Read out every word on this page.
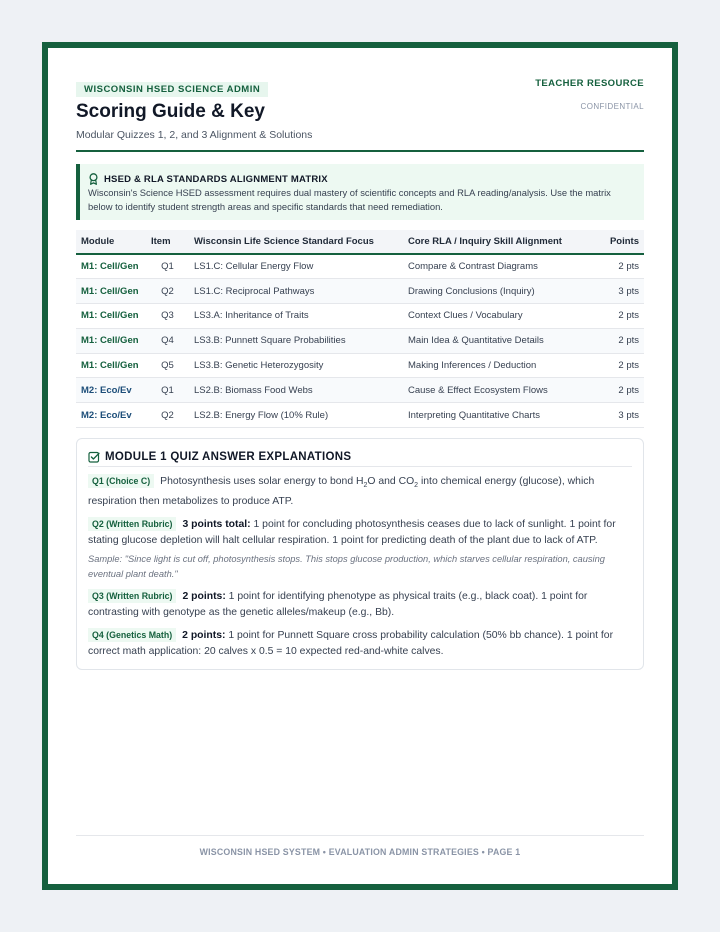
WISCONSIN HSED SCIENCE ADMIN
Scoring Guide & Key
Modular Quizzes 1, 2, and 3 Alignment & Solutions
TEACHER RESOURCE
CONFIDENTIAL
HSED & RLA STANDARDS ALIGNMENT MATRIX
Wisconsin's Science HSED assessment requires dual mastery of scientific concepts and RLA reading/analysis. Use the matrix below to identify student strength areas and specific standards that need remediation.
Module	Item	Wisconsin Life Science Standard Focus	Core RLA / Inquiry Skill Alignment	Points
M1: Cell/Gen	Q1	LS1.C: Cellular Energy Flow	Compare & Contrast Diagrams	2 pts
M1: Cell/Gen	Q2	LS1.C: Reciprocal Pathways	Drawing Conclusions (Inquiry)	3 pts
M1: Cell/Gen	Q3	LS3.A: Inheritance of Traits	Context Clues / Vocabulary	2 pts
M1: Cell/Gen	Q4	LS3.B: Punnett Square Probabilities	Main Idea & Quantitative Details	2 pts
M1: Cell/Gen	Q5	LS3.B: Genetic Heterozygosity	Making Inferences / Deduction	2 pts
M2: Eco/Ev	Q1	LS2.B: Biomass Food Webs	Cause & Effect Ecosystem Flows	2 pts
M2: Eco/Ev	Q2	LS2.B: Energy Flow (10% Rule)	Interpreting Quantitative Charts	3 pts
MODULE 1 QUIZ ANSWER EXPLANATIONS
Q1 (Choice C) Photosynthesis uses solar energy to bond $H_2O$ and $CO_2$ into chemical energy (glucose), which respiration then metabolizes to produce ATP.
Q2 (Written Rubric) 3 points total: 1 point for concluding photosynthesis ceases due to lack of sunlight. 1 point for stating glucose depletion will halt cellular respiration. 1 point for predicting death of the plant due to lack of ATP.
Sample: "Since light is cut off, photosynthesis stops. This stops glucose production, which starves cellular respiration, causing eventual plant death."
Q3 (Written Rubric) 2 points: 1 point for identifying phenotype as physical traits (e.g., black coat). 1 point for contrasting with genotype as the genetic alleles/makeup (e.g., Bb).
Q4 (Genetics Math) 2 points: 1 point for Punnett Square cross probability calculation (50% bb chance). 1 point for correct math application: 20 calves x 0.5 = 10 expected red-and-white calves.
WISCONSIN HSED SYSTEM • EVALUATION ADMIN STRATEGIES • PAGE 1
